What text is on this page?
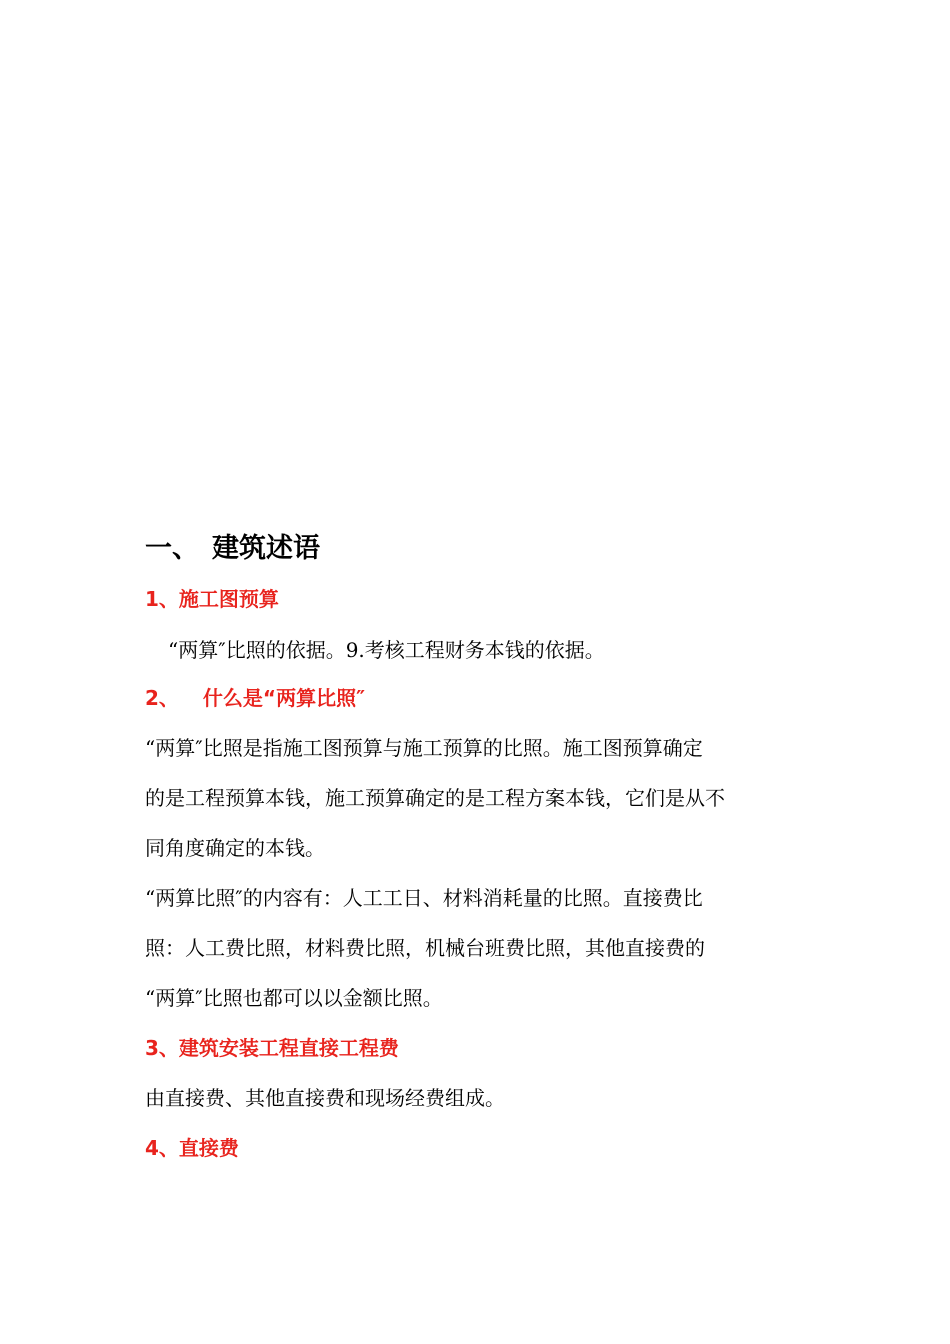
一、 建筑述语
1、施工图预算
“两算″比照的依据。9.考核工程财务本钱的依据。
2、 什么是“两算比照″
“两算″比照是指施工图预算与施工预算的比照。施工图预算确定
的是工程预算本钱，施工预算确定的是工程方案本钱，它们是从不
同角度确定的本钱。
“两算比照″的内容有：人工工日、材料消耗量的比照。直接费比
照：人工费比照，材料费比照，机械台班费比照，其他直接费的
“两算″比照也都可以以金额比照。
3、建筑安装工程直接工程费
由直接费、其他直接费和现场经费组成。
4、直接费
